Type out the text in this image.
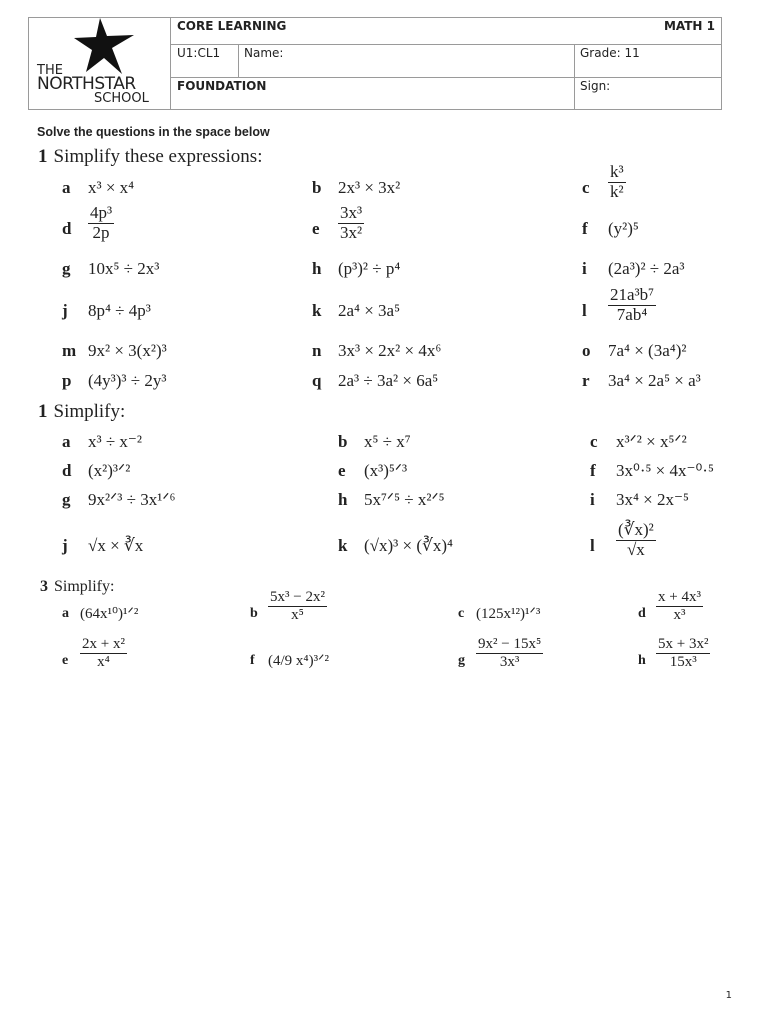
THE
NORTHSTAR
SCHOOL
CORE LEARNING	MATH 1
U1:CL1 Name:	Grade: 11
FOUNDATION	Sign:
Solve the questions in the space below
1 Simplify these expressions:
a x³ × x⁴	b 2x³ × 3x²	c $\frac{\text{k³}}{\text{k²}}$
d $\frac{\text{4p³}}{2p}$	e $\frac{\text{3x³}}{\text{3x²}}$	f (y²)⁵
g 10x⁵ ÷ 2x³	h (p³)² ÷ p⁴	i (2a³)² ÷ 2a³
j 8p⁴ ÷ 4p³	k 2a⁴ × 3a⁵	l $\frac{\text{21a³b⁷}}{\text{7ab⁴}}$
m 9x² × 3(x²)³	n 3x³ × 2x² × 4x⁶	o 7a⁴ × (3a⁴)²
p (4y³)³ ÷ 2y³	q 2a³ ÷ 3a² × 6a⁵	r 3a⁴ × 2a⁵ × a³
1 Simplify:
a x³ ÷ x⁻²	b x⁵ ÷ x⁷	c x³ᐟ² × x⁵ᐟ²
d (x²)³ᐟ²	e (x³)⁵ᐟ³	f 3x⁰·⁵ × 4x⁻⁰·⁵
g 9x²ᐟ³ ÷ 3x¹ᐟ⁶	h 5x⁷ᐟ⁵ ÷ x²ᐟ⁵	i 3x⁴ × 2x⁻⁵
j √x × ∛x	k (√x)³ × (∛x)⁴	l $\frac{\text{(∛x)²}}{√x}$
3 Simplify:
a (64x¹⁰)¹ᐟ²	b $\frac{\text{5x³ − 2x²}}{\text{x⁵}}$	c (125x¹²)¹ᐟ³	d $\frac{\text{x + 4x³}}{\text{x³}}$
e $\frac{\text{2x + x²}}{\text{x⁴}}$	f (4/9 x⁴)³ᐟ²	g $\frac{\text{9x² − 15x⁵}}{\text{3x³}}$	h $\frac{\text{5x + 3x²}}{\text{15x³}}$
1
